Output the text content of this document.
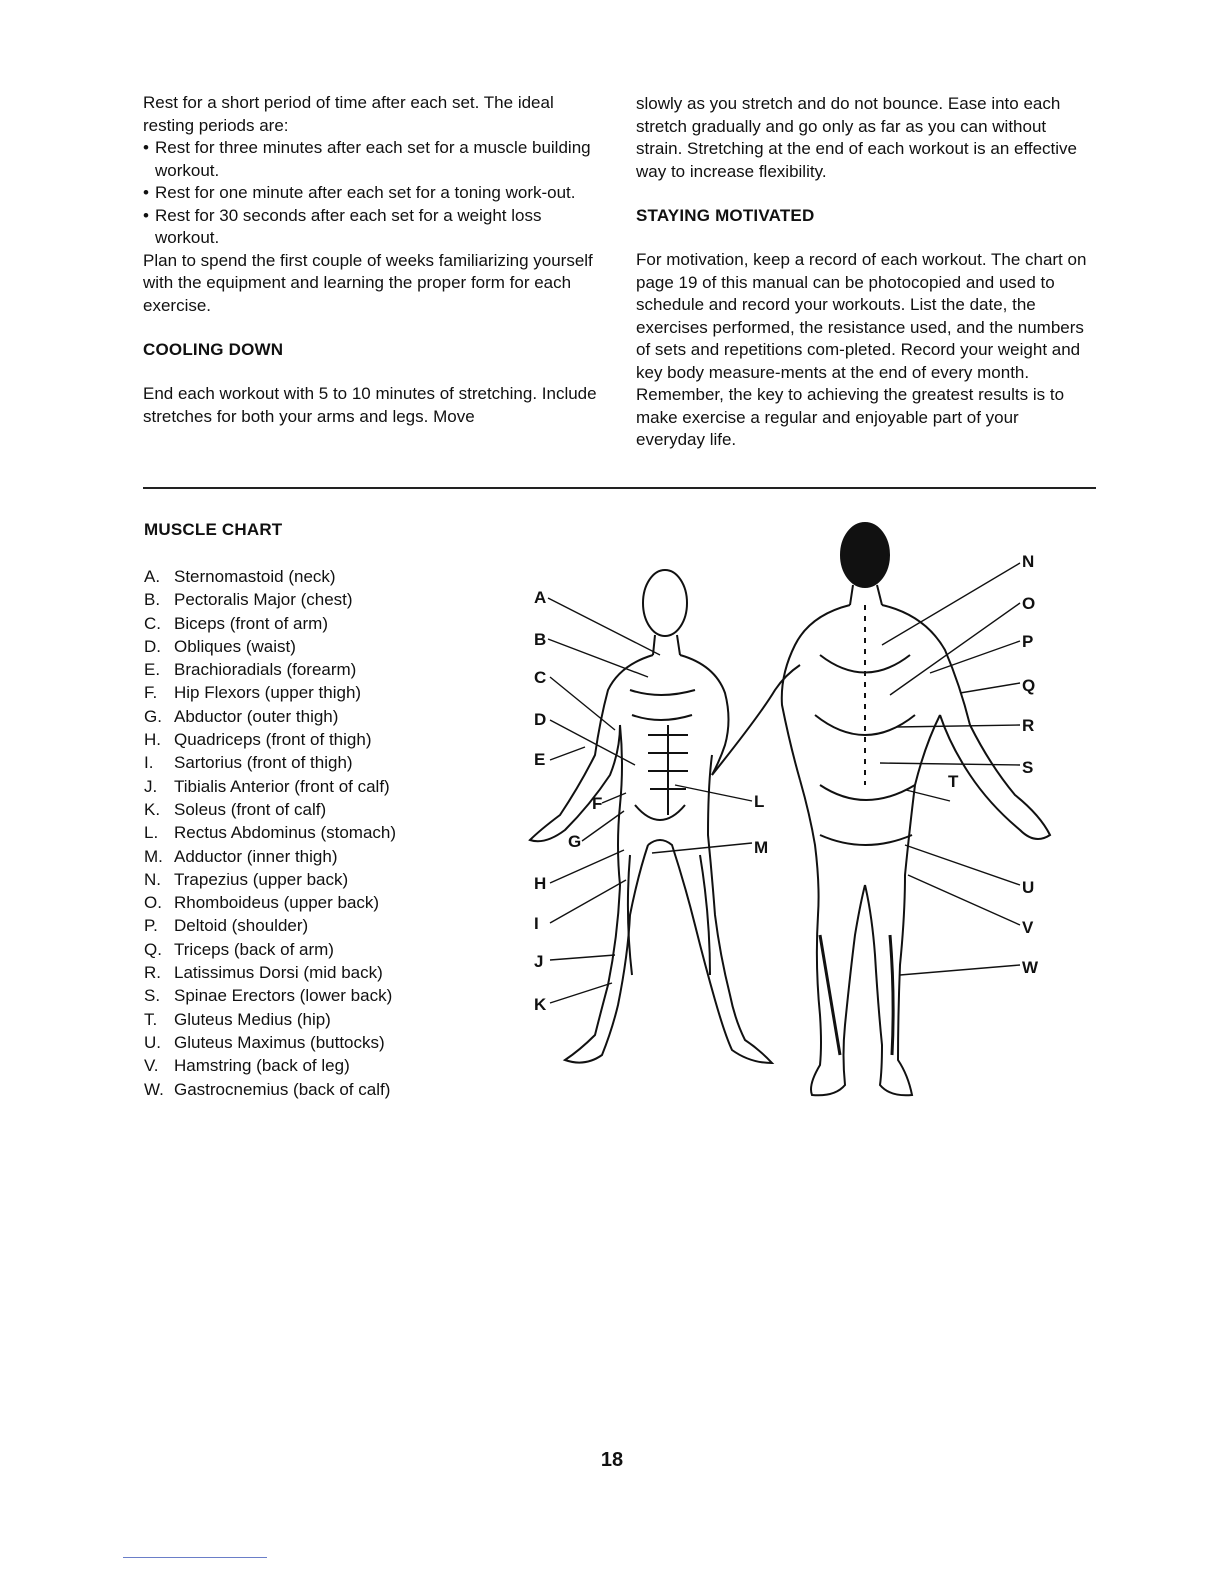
Rest for a short period of time after each set. The ideal resting periods are:

• Rest for three minutes after each set for a muscle building workout.
• Rest for one minute after each set for a toning work-out.
• Rest for 30 seconds after each set for a weight loss workout.

Plan to spend the first couple of weeks familiarizing yourself with the equipment and learning the proper form for each exercise.

COOLING DOWN

End each workout with 5 to 10 minutes of stretching. Include stretches for both your arms and legs. Move

slowly as you stretch and do not bounce. Ease into each stretch gradually and go only as far as you can without strain. Stretching at the end of each workout is an effective way to increase flexibility.

STAYING MOTIVATED

For motivation, keep a record of each workout. The chart on page 19 of this manual can be photocopied and used to schedule and record your workouts. List the date, the exercises performed, the resistance used, and the numbers of sets and repetitions com-pleted. Record your weight and key body measure-ments at the end of every month. Remember, the key to achieving the greatest results is to make exercise a regular and enjoyable part of your everyday life.

MUSCLE CHART
A. Sternomastoid (neck)
B. Pectoralis Major (chest)
C. Biceps (front of arm)
D. Obliques (waist)
E. Brachioradials (forearm)
F. Hip Flexors (upper thigh)
G. Abductor (outer thigh)
H. Quadriceps (front of thigh)
I.	Sartorius (front of thigh)
J. Tibialis Anterior (front of calf)
K. Soleus (front of calf)
L. Rectus Abdominus (stomach)
M. Adductor (inner thigh)
N. Trapezius (upper back)
O. Rhomboideus (upper back)
P. Deltoid (shoulder)
Q. Triceps (back of arm)
R. Latissimus Dorsi (mid back)
S. Spinae Erectors (lower back)
T. Gluteus Medius (hip)
U. Gluteus Maximus (buttocks)
V. Hamstring (back of leg)
W. Gastrocnemius (back of calf)
A
B
C
D
E
F
G
H
I
J
K
L
M
N
O
P
Q
R
S
T
U
V
W
18
